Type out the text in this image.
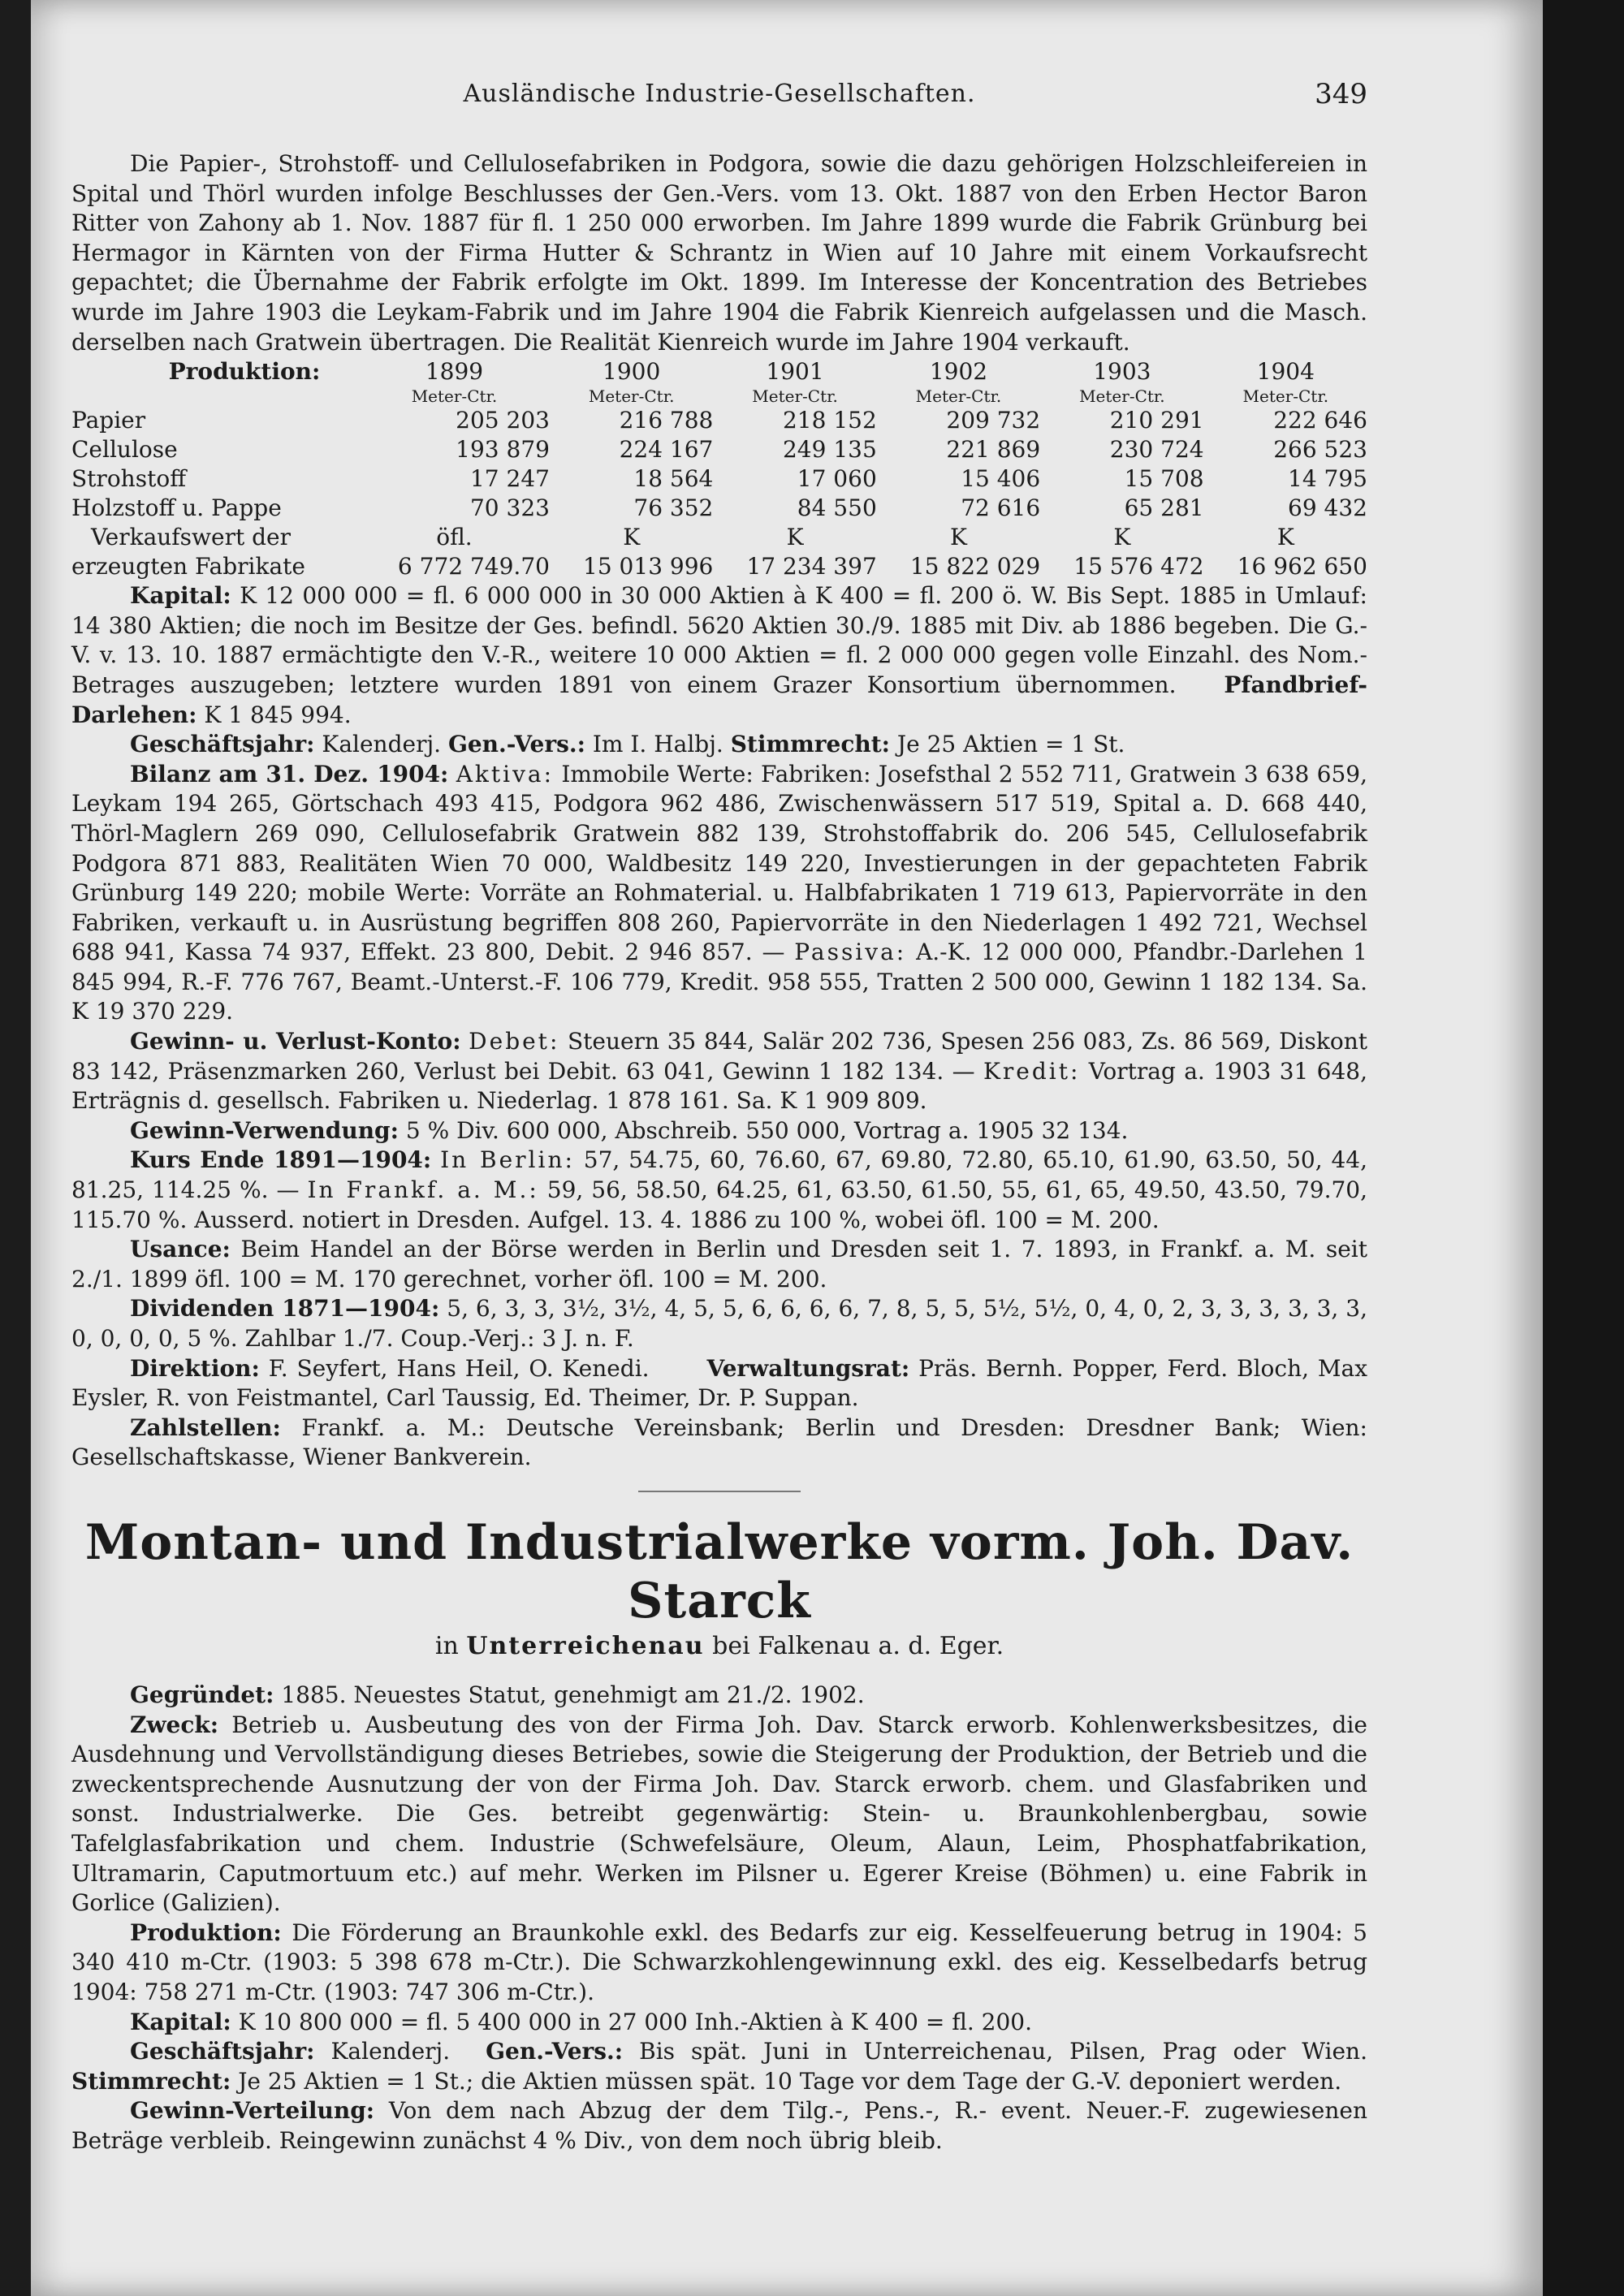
Ausländische Industrie-Gesellschaften.	349

Die Papier-, Strohstoff- und Cellulosefabriken in Podgora, sowie die dazu gehörigen Holzschleifereien in Spital und Thörl wurden infolge Beschlusses der Gen.-Vers. vom 13. Okt. 1887 von den Erben Hector Baron Ritter von Zahony ab 1. Nov. 1887 für fl. 1 250 000 erworben. Im Jahre 1899 wurde die Fabrik Grünburg bei Hermagor in Kärnten von der Firma Hutter & Schrantz in Wien auf 10 Jahre mit einem Vorkaufsrecht gepachtet; die Übernahme der Fabrik erfolgte im Okt. 1899. Im Interesse der Koncentration des Betriebes wurde im Jahre 1903 die Leykam-Fabrik und im Jahre 1904 die Fabrik Kienreich aufgelassen und die Masch. derselben nach Gratwein übertragen. Die Realität Kienreich wurde im Jahre 1904 verkauft.

Produktion:	1899	1900	1901	1902	1903	1904
	Meter-Ctr.	Meter-Ctr.	Meter-Ctr.	Meter-Ctr.	Meter-Ctr.	Meter-Ctr.
Papier	205 203	216 788	218 152	209 732	210 291	222 646
Cellulose	193 879	224 167	249 135	221 869	230 724	266 523
Strohstoff	17 247	18 564	17 060	15 406	15 708	14 795
Holzstoff u. Pappe	70 323	76 352	84 550	72 616	65 281	69 432
Verkaufswert der	öfl.	K	K	K	K	K
erzeugten Fabrikate	6 772 749.70	15 013 996	17 234 397	15 822 029	15 576 472	16 962 650

Kapital: K 12 000 000 = fl. 6 000 000 in 30 000 Aktien à K 400 = fl. 200 ö. W. Bis Sept. 1885 in Umlauf: 14 380 Aktien; die noch im Besitze der Ges. befindl. 5620 Aktien 30./9. 1885 mit Div. ab 1886 begeben. Die G.-V. v. 13. 10. 1887 ermächtigte den V.-R., weitere 10 000 Aktien = fl. 2 000 000 gegen volle Einzahl. des Nom.-Betrages auszugeben; letztere wurden 1891 von einem Grazer Konsortium übernommen. Pfandbrief-Darlehen: K 1 845 994.

Geschäftsjahr: Kalenderj. Gen.-Vers.: Im I. Halbj. Stimmrecht: Je 25 Aktien = 1 St.

Bilanz am 31. Dez. 1904: Aktiva: Immobile Werte: Fabriken: Josefsthal 2 552 711, Gratwein 3 638 659, Leykam 194 265, Görtschach 493 415, Podgora 962 486, Zwischenwässern 517 519, Spital a. D. 668 440, Thörl-Maglern 269 090, Cellulosefabrik Gratwein 882 139, Strohstoffabrik do. 206 545, Cellulosefabrik Podgora 871 883, Realitäten Wien 70 000, Waldbesitz 149 220, Investierungen in der gepachteten Fabrik Grünburg 149 220; mobile Werte: Vorräte an Rohmaterial. u. Halbfabrikaten 1 719 613, Papiervorräte in den Fabriken, verkauft u. in Ausrüstung begriffen 808 260, Papiervorräte in den Niederlagen 1 492 721, Wechsel 688 941, Kassa 74 937, Effekt. 23 800, Debit. 2 946 857. — Passiva: A.-K. 12 000 000, Pfandbr.-Darlehen 1 845 994, R.-F. 776 767, Beamt.-Unterst.-F. 106 779, Kredit. 958 555, Tratten 2 500 000, Gewinn 1 182 134. Sa. K 19 370 229.

Gewinn- u. Verlust-Konto: Debet: Steuern 35 844, Salär 202 736, Spesen 256 083, Zs. 86 569, Diskont 83 142, Präsenzmarken 260, Verlust bei Debit. 63 041, Gewinn 1 182 134. — Kredit: Vortrag a. 1903 31 648, Erträgnis d. gesellsch. Fabriken u. Niederlag. 1 878 161. Sa. K 1 909 809.

Gewinn-Verwendung: 5 % Div. 600 000, Abschreib. 550 000, Vortrag a. 1905 32 134.

Kurs Ende 1891—1904: In Berlin: 57, 54.75, 60, 76.60, 67, 69.80, 72.80, 65.10, 61.90, 63.50, 50, 44, 81.25, 114.25 %. — In Frankf. a. M.: 59, 56, 58.50, 64.25, 61, 63.50, 61.50, 55, 61, 65, 49.50, 43.50, 79.70, 115.70 %. Ausserd. notiert in Dresden. Aufgel. 13. 4. 1886 zu 100 %, wobei öfl. 100 = M. 200.

Usance: Beim Handel an der Börse werden in Berlin und Dresden seit 1. 7. 1893, in Frankf. a. M. seit 2./1. 1899 öfl. 100 = M. 170 gerechnet, vorher öfl. 100 = M. 200.

Dividenden 1871—1904: 5, 6, 3, 3, 3½, 3½, 4, 5, 5, 6, 6, 6, 6, 7, 8, 5, 5, 5½, 5½, 0, 4, 0, 2, 3, 3, 3, 3, 3, 3, 0, 0, 0, 0, 5 %. Zahlbar 1./7. Coup.-Verj.: 3 J. n. F.

Direktion: F. Seyfert, Hans Heil, O. Kenedi.	Verwaltungsrat: Präs. Bernh. Popper, Ferd. Bloch, Max Eysler, R. von Feistmantel, Carl Taussig, Ed. Theimer, Dr. P. Suppan.

Zahlstellen: Frankf. a. M.: Deutsche Vereinsbank; Berlin und Dresden: Dresdner Bank; Wien: Gesellschaftskasse, Wiener Bankverein.

Montan- und Industrialwerke vorm. Joh. Dav. Starck
in Unterreichenau bei Falkenau a. d. Eger.

Gegründet: 1885. Neuestes Statut, genehmigt am 21./2. 1902.

Zweck: Betrieb u. Ausbeutung des von der Firma Joh. Dav. Starck erworb. Kohlenwerksbesitzes, die Ausdehnung und Vervollständigung dieses Betriebes, sowie die Steigerung der Produktion, der Betrieb und die zweckentsprechende Ausnutzung der von der Firma Joh. Dav. Starck erworb. chem. und Glasfabriken und sonst. Industrialwerke. Die Ges. betreibt gegenwärtig: Stein- u. Braunkohlenbergbau, sowie Tafelglasfabrikation und chem. Industrie (Schwefelsäure, Oleum, Alaun, Leim, Phosphatfabrikation, Ultramarin, Caputmortuum etc.) auf mehr. Werken im Pilsner u. Egerer Kreise (Böhmen) u. eine Fabrik in Gorlice (Galizien).

Produktion: Die Förderung an Braunkohle exkl. des Bedarfs zur eig. Kesselfeuerung betrug in 1904: 5 340 410 m-Ctr. (1903: 5 398 678 m-Ctr.). Die Schwarzkohlengewinnung exkl. des eig. Kesselbedarfs betrug 1904: 758 271 m-Ctr. (1903: 747 306 m-Ctr.).

Kapital: K 10 800 000 = fl. 5 400 000 in 27 000 Inh.-Aktien à K 400 = fl. 200.

Geschäftsjahr: Kalenderj. Gen.-Vers.: Bis spät. Juni in Unterreichenau, Pilsen, Prag oder Wien. Stimmrecht: Je 25 Aktien = 1 St.; die Aktien müssen spät. 10 Tage vor dem Tage der G.-V. deponiert werden.

Gewinn-Verteilung: Von dem nach Abzug der dem Tilg.-, Pens.-, R.- event. Neuer.-F. zugewiesenen Beträge verbleib. Reingewinn zunächst 4 % Div., von dem noch übrig bleib.
